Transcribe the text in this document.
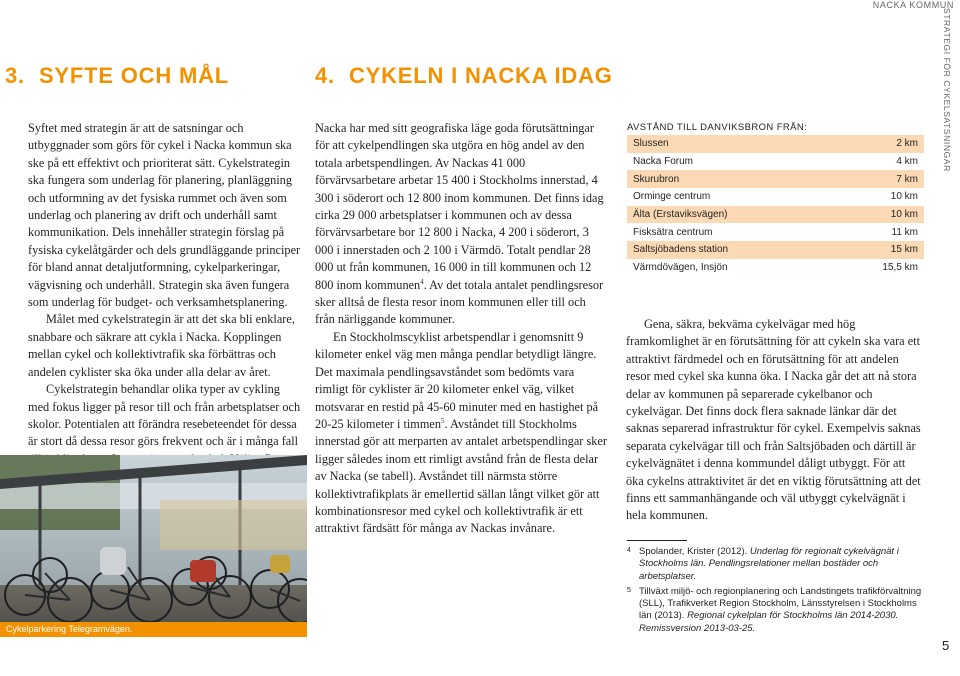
NACKA KOMMUN
STRATEGI FÖR CYKELSATSNINGAR
3. SYFTE OCH MÅL

Syftet med strategin är att de satsningar och utbyggnader som görs för cykel i Nacka kommun ska ske på ett effektivt och prioriterat sätt. Cykelstrategin ska fungera som underlag för planering, planläggning och utformning av det fysiska rummet och även som underlag och planering av drift och underhåll samt kommunikation. Dels innehåller strategin förslag på fysiska cykelåtgärder och dels grundläggande principer för bland annat detaljutformning, cykelparkeringar, vägvisning och underhåll. Strategin ska även fungera som underlag för budget- och verksamhetsplanering.

Målet med cykelstrategin är att det ska bli enklare, snabbare och säkrare att cykla i Nacka. Kopplingen mellan cykel och kollektivtrafik ska förbättras och andelen cyklister ska öka under alla delar av året.

Cykelstrategin behandlar olika typer av cykling med fokus ligger på resor till och från arbetsplatser och skolor. Potentialen att förändra resebeteendet för dessa är stort då dessa resor görs frekvent och är i många fall

Cykelparkering Telegramvägen.
4. CYKELN I NACKA IDAG

Nacka har med sitt geografiska läge goda förutsättningar för att cykelpendlingen ska utgöra en hög andel av den totala arbetspendlingen. Av Nackas 41 000 förvärvsarbetare arbetar 15 400 i Stockholms innerstad, 4 300 i söderort och 12 800 inom kommunen. Det finns idag cirka 29 000 arbetsplatser i kommunen och av dessa förvärvsarbetare bor 12 800 i Nacka, 4 200 i söderort, 3 000 i innerstaden och 2 100 i Värmdö. Totalt pendlar 28 000 ut från kommunen, 16 000 in till kommunen och 12 800 inom kommunen$^4$. Av det totala antalet pendlingsresor sker alltså de flesta resor inom kommunen eller till och från närliggande kommuner.

En Stockholmscyklist arbetspendlar i genomsnitt 9 kilometer enkel väg men många pendlar betydligt längre. Det maximala pendlingsavståndet som bedömts vara rimligt för cyklister är 20 kilometer enkel väg, vilket motsvarar en restid på 45-60 minuter med en hastighet på 20-25 kilometer i timmen$^5$. Avståndet till Stockholms innerstad gör att merparten av antalet arbetspendlingar sker ligger således inom ett rimligt avstånd från de flesta delar av Nacka (se tabell). Avståndet till närmsta större kollektivtrafikplats är emellertid sällan långt vilket gör att kombinationsresor med cykel och kollektivtrafik är ett attraktivt färdsätt för många av Nackas invånare.

AVSTÅND TILL DANVIKSBRON FRÅN:
Slussen	2 km
Nacka Forum	4 km
Skurubron	7 km
Orminge centrum	10 km
Älta (Erstaviksvägen)	10 km
Fisksätra centrum	11 km
Saltsjöbadens station	15 km
Värmdövägen, Insjön	15,5 km

Gena, säkra, bekväma cykelvägar med hög framkomlighet är en förutsättning för att cykeln ska vara ett attraktivt färdmedel och en förutsättning för att andelen resor med cykel ska kunna öka. I Nacka går det att nå stora delar av kommunen på separerade cykelbanor och cykelvägar. Det finns dock flera saknade länkar där det saknas separerad infrastruktur för cykel. Exempelvis saknas separata cykelvägar till och från Saltsjöbaden och därtill är cykelvägnätet i denna kommundel dåligt utbyggt. För att öka cykelns attraktivitet är det en viktig förutsättning att det finns ett sammanhängande och väl utbyggt cykelvägnät i hela kommunen.

4 Spolander, Krister (2012). Underlag för regionalt cykelvägnät i Stockholms län. Pendlingsrelationer mellan bostäder och arbetsplatser.
5 Tillväxt miljö- och regionplanering och Landstingets trafikförvaltning (SLL), Trafikverket Region Stockholm, Länsstyrelsen i Stockholms län (2013). Regional cykelplan för Stockholms län 2014-2030. Remissversion 2013-03-25.
5
